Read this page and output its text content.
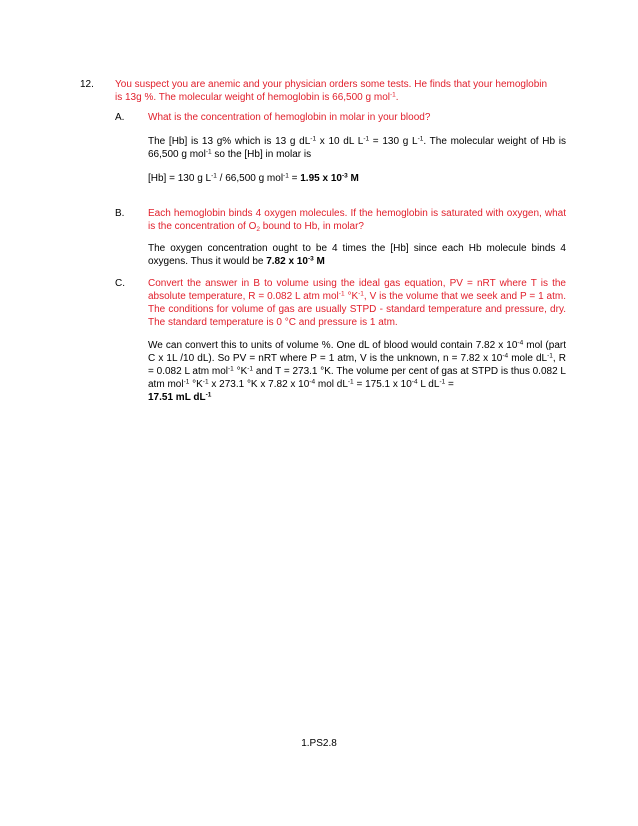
12. You suspect you are anemic and your physician orders some tests. He finds that your hemoglobin
is 13g %. The molecular weight of hemoglobin is 66,500 g mol$^{-1}$.
A. What is the concentration of hemoglobin in molar in your blood?
The [Hb] is 13 g% which is 13 g $dL^{-1}$ x 10 dL $L^{-1} = 130$ g $L^{-1}$. The molecular weight of Hb is 66,500 g mol$^{-1}$ so the [Hb] in molar is
[Hb] = 130 g $L^{-1} / 66,500$ g mol$^{-1}$ = 1.95 x $10^{-3}$ M
B. Each hemoglobin binds 4 oxygen molecules. If the hemoglobin is saturated with oxygen, what is the concentration of $O_2$ bound to Hb, in molar?
The oxygen concentration ought to be 4 times the [Hb] since each Hb molecule binds 4 oxygens. Thus it would be 7.82 x $10^{-3}$ M
C. Convert the answer in B to volume using the ideal gas equation, PV = nRT where T is the absolute temperature, R = 0.082 L atm mol$^{-1}$ $^\circ K^{-1}$, V is the volume that we seek and P = 1 atm. The conditions for volume of gas are usually STPD - standard temperature and pressure, dry. The standard temperature is 0 °C and pressure is 1 atm.
We can convert this to units of volume %. One dL of blood would contain 7.82 x $10^{-4}$ mol (part C x 1L /10 dL). So PV = nRT where P = 1 atm, V is the unknown, n = 7.82 x $10^{-4}$ mole $dL^{-1}$, R = 0.082 L atm mol$^{-1}$ $^\circ K^{-1}$ and T = 273.1 °K. The volume per cent of gas at STPD is thus 0.082 L atm mol$^{-1}$ $^\circ K^{-1}$ x 273.1 °K x 7.82 x $10^{-4}$ mol $dL^{-1} = 175.1$ x $10^{-4}$ L $dL^{-1}$ =
17.51 mL $dL^{-1}$
1.PS2.8
